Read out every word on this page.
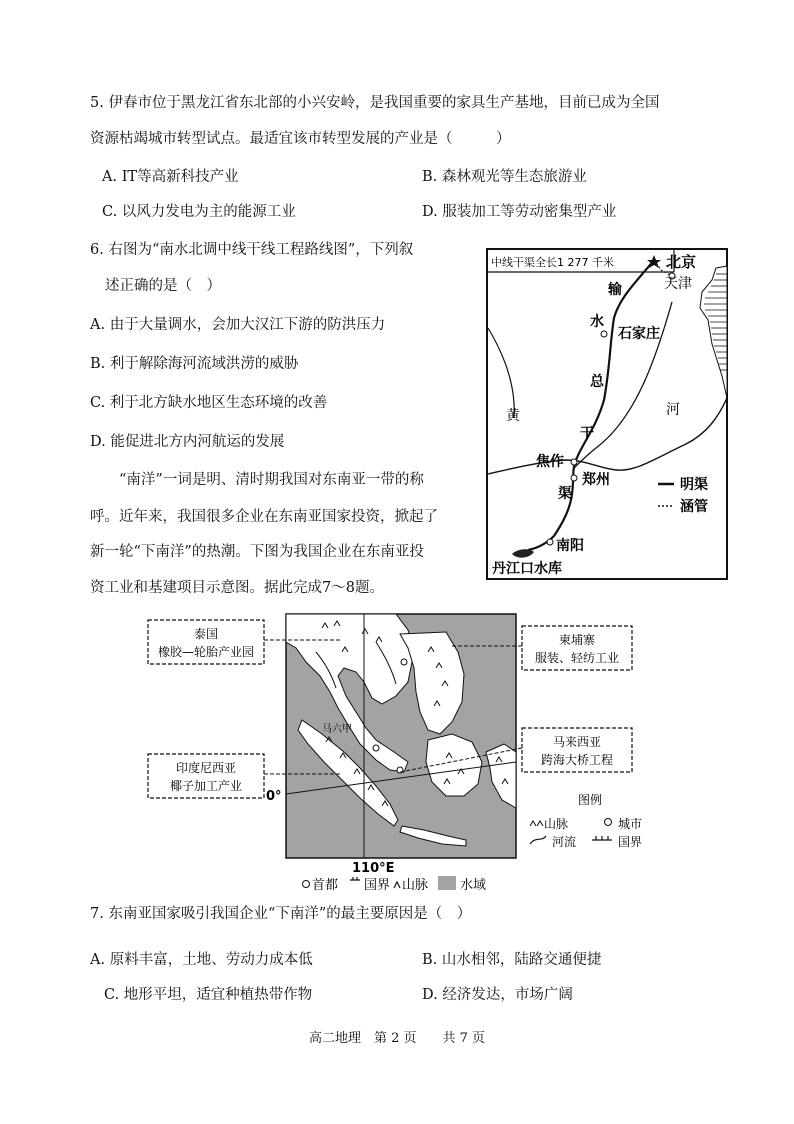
5. 伊春市位于黑龙江省东北部的小兴安岭，是我国重要的家具生产基地，目前已成为全国
资源枯竭城市转型试点。最适宜该市转型发展的产业是（　　　）
A. IT等高新科技产业	B. 森林观光等生态旅游业
C. 以风力发电为主的能源工业	D. 服装加工等劳动密集型产业
6. 右图为“南水北调中线干线工程路线图”，下列叙
述正确的是（　）
A. 由于大量调水，会加大汉江下游的防洪压力
B. 利于解除海河流域洪涝的威胁
C. 利于北方缺水地区生态环境的改善
D. 能促进北方内河航运的发展
“南洋”一词是明、清时期我国对东南亚一带的称
呼。近年来，我国很多企业在东南亚国家投资，掀起了
新一轮“下南洋”的热潮。下图为我国企业在东南亚投
资工业和基建项目示意图。据此完成7～8题。
中线干渠全长1 277 千米	北京
天津
石家庄
焦作
郑州
南阳
丹江口水库
输
水
总
干
渠
黄	河
明渠
涵管
泰国
橡胶—轮胎产业园
柬埔寨
服装、轻纺工业
马来西亚
跨海大桥工程
印度尼西亚
椰子加工产业
0°
110°E
马六甲
图例
山脉	城市
河流	国界
首都 国界 山脉 水域
7. 东南亚国家吸引我国企业“下南洋”的最主要原因是（　）
A. 原料丰富，土地、劳动力成本低	B. 山水相邻，陆路交通便捷
C. 地形平坦，适宜种植热带作物	D. 经济发达，市场广阔
高二地理　第 2 页　　共 7 页
